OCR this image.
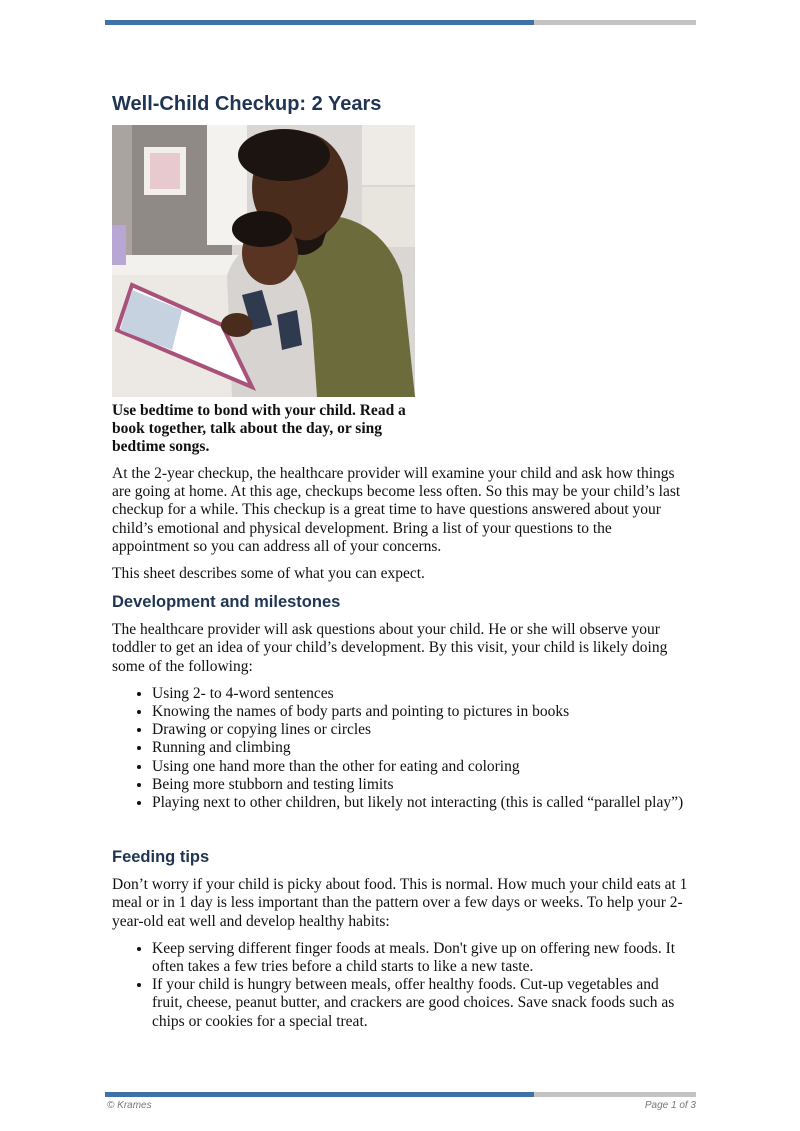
Well-Child Checkup: 2 Years
Use bedtime to bond with your child. Read a book together, talk about the day, or sing bedtime songs.

At the 2-year checkup, the healthcare provider will examine your child and ask how things are going at home. At this age, checkups become less often. So this may be your child’s last checkup for a while. This checkup is a great time to have questions answered about your child’s emotional and physical development. Bring a list of your questions to the appointment so you can address all of your concerns.

This sheet describes some of what you can expect.

Development and milestones

The healthcare provider will ask questions about your child. He or she will observe your toddler to get an idea of your child’s development. By this visit, your child is likely doing some of the following:

• Using 2- to 4-word sentences
• Knowing the names of body parts and pointing to pictures in books
• Drawing or copying lines or circles
• Running and climbing
• Using one hand more than the other for eating and coloring
• Being more stubborn and testing limits
• Playing next to other children, but likely not interacting (this is called “parallel play”)
Feeding tips

Don’t worry if your child is picky about food. This is normal. How much your child eats at 1 meal or in 1 day is less important than the pattern over a few days or weeks. To help your 2-year-old eat well and develop healthy habits:

• Keep serving different finger foods at meals. Don't give up on offering new foods. It often takes a few tries before a child starts to like a new taste.
• If your child is hungry between meals, offer healthy foods. Cut-up vegetables and fruit, cheese, peanut butter, and crackers are good choices. Save snack foods such as chips or cookies for a special treat.
© Krames	Page 1 of 3
